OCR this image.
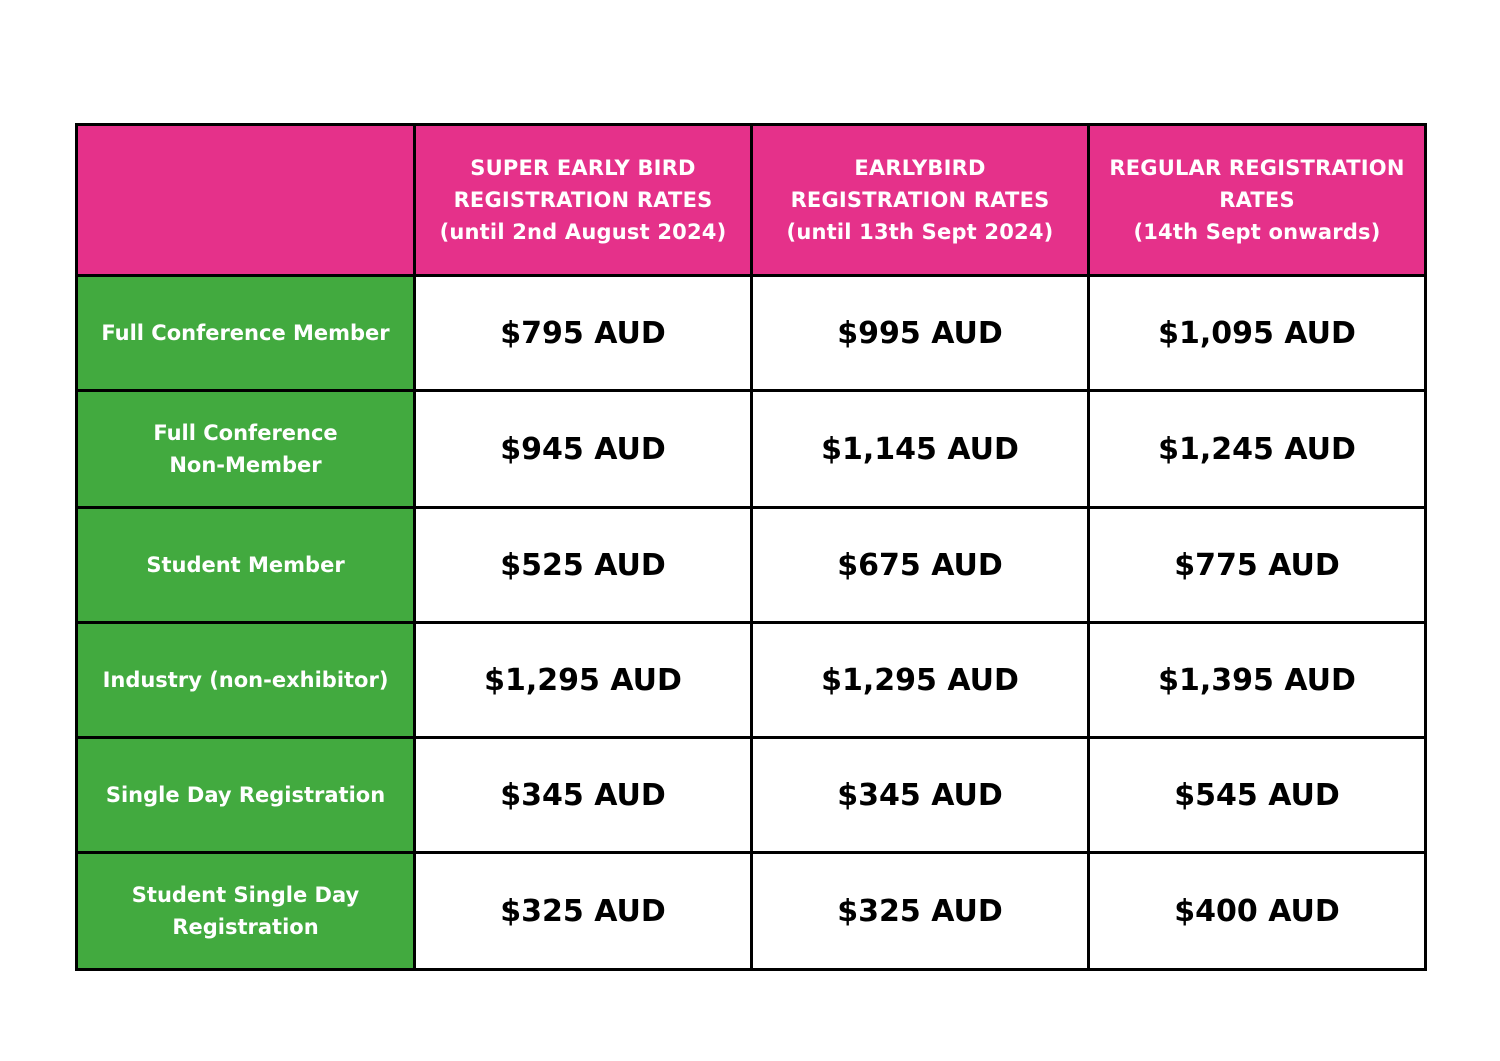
	SUPER EARLY BIRD
REGISTRATION RATES
(until 2nd August 2024)	EARLYBIRD
REGISTRATION RATES
(until 13th Sept 2024)	REGULAR REGISTRATION
RATES
(14th Sept onwards)

Full Conference Member	$795 AUD	$995 AUD	$1,095 AUD

Full Conference
Non-Member	$945 AUD	$1,145 AUD	$1,245 AUD
Student Member	$525 AUD	$675 AUD	$775 AUD
Industry (non-exhibitor)	$1,295 AUD	$1,295 AUD	$1,395 AUD
Single Day Registration	$345 AUD	$345 AUD	$545 AUD

Student Single Day
Registration	$325 AUD	$325 AUD	$400 AUD
